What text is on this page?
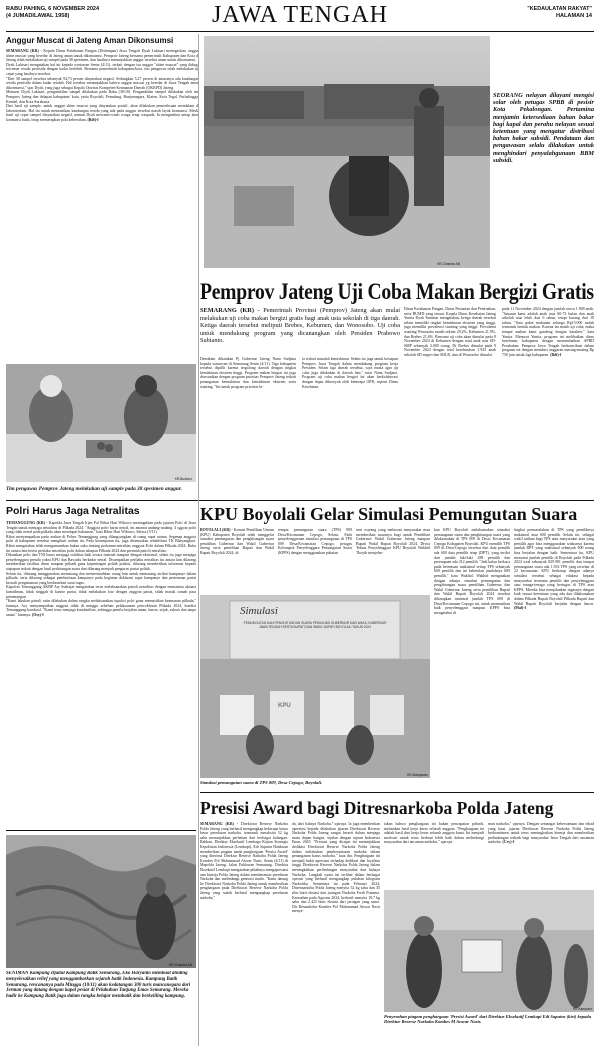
RABU PAHING, 6 NOVEMBER 2024
(4 JUMADILAWAL 1958)	JAWA TENGAH	"KEDAULATAN RAKYAT"
HALAMAN 14
Anggur Muscat di Jateng Aman Dikonsumsi

SEMARANG (KR) - Kepala Dinas Ketahanan Pangan (Dishanpan) Jawa Tengah Dyah Lukisari menegaskan, anggur shine muscat yang beredar di Jateng aman untuk dikonsumsi. Pemprov Jateng bersama pemerintah Kabupaten dan Kota di Jateng telah melakukan uji sampel pada 38 spesimen, dan hasilnya menunjukkan anggur tersebut aman untuk dikonsumsi.

Dyah Lukisari mengatakan hal ini kepada wartawan Senin (4/11), terkait dengan isu anggur "shine muscat" yang diduga tercemar residu pestisida dengan kadar berlebih. Bersama pemerintah kabupaten/kota, tim pengawas telah melakukan uji cepat yang hasilnya tersebut.

"Dari 38 sampel tersebut sebanyak 94,73 persen dinyatakan negatif. Sedangkan 5,27 persen di antaranya ada kandungan residu pestisida dalam kadar rendah. Hal tersebut menunjukkan bahwa anggur muscat yg beredar di Jawa Tengah aman dikonsumsi," ujar Dyah, yang juga sebagai Kepala Otoritas Kompeten Keamanan Daerah (OKKPD) Jateng.

Menurut Dyah Lukisari, pengambilan sampel dilakukan pada Rabu (30/10). Pengambilan sampel dilakukan oleh tim Pemprov Jateng dan delapan kabupaten/ kota, yaitu Boyolali, Pemalang, Banjarnegara, Klaten, Kota Tegal, Purbalingga, Kendal, dan Kota Surakarta.

Dari hasil uji sample, untuk anggur shine muscat yang dinyatakan positif, akan dilakukan pemeriksaan mendalam di laboratorium. Hal itu untuk memastikan kandungan residu yang ada pada anggur tersebut masih layak konsumsi. Meski hasil uji cepat sampel dinyatakan negatif, namun Dyah mewanti-wanti warga tetap waspada. Ia mengimbau setiap akan konsumsi buah, tetap memerapkan pola kebersihan. (Bdi)-f

KR-Chandra AN
SEORANG nelayan dilayani mengisi solar oleh petugas SPBB di pesisir Kota Pekalongan. Pertamina menjamin ketersediaan bahan bakar bagi kapal dan perahu nelayan sesuai ketentuan yang mengatur distribusi bahan bakar subsidi. Pendataan dan pengawasan selalu dilakukan untuk menghindari penyalahgunaan BBM subsidi.
Pemprov Jateng Uji Coba Makan Bergizi Gratis
SEMARANG (KR) - Pemerintah Provinsi (Pemprov) Jateng akan mulai melakukan uji coba makan bergizi gratis bagi anak usia sekolah di tiga daerah. Ketiga daerah tersebut meliputi Brebes, Kebumen, dan Wonosobo. Uji coba untuk mendukung program yang dicanangkan oleh Presiden Prabowo Subianto.
Demikian dikatakan Pj Gubernur Jateng Nana Sudjana kepada wartawan di Semarang Senin (4/11). Tiga kabupaten tersebut dipilih karena tergolong daerah dengan tingkat kemiskinan ekstrem tinggi. Program makan bergizi ini juga disesuaikan dengan program prioritas Pemprov Jateng terkait penanganan kemiskinan dan kemiskinan ekstrem serta stunting. "Ini untuk program prioritas ki-
ta terkait masalah kemiskinan. Selain itu juga untuk kesiapan Pemprov Jawa Tengah dalam mendukung program kerja Presiden. Selain tiga daerah tersebut, saya minta agar uji coba juga dilakukan di daerah lain," tutur Nana Sudjana. Program uji coba makan bergizi ini akan berkolaborasi dengan dapat dikeroyok oleh beberapa OPD, seperti Dinas Kesehatan,
Dinas Ketahanan Pangan, Dinas Pertanian dan Peternakan, serta BUMD yang sesuai. Kepala Dinas Kesehatan Jateng Yunita Dyah Suminar mengatakan, ketiga daerah tersebut selain memiliki tingkat kemiskinan ekstrem yang tinggi, juga memiliki prevalensi stunting yang tinggi. Prevalensi stunting Wonosobo masih sekitar 29,2%, Kebumen 21,9%, dan Brebes 21,6%. Rencana uji coba akan dimulai pada 8 November 2024 di Kebumen dengan total anak usia SD-SMP sebanyak 2.000 orang. Di Brebes dimulai pada 9 November 2024 dengan total keseluruhan 1.932 anak sekolah SD negeri dan SDLB, dan di Wonosobo dimulai
pada 11 November 2024 dengan jumlah siswa 1.908 anak. "Sasaran kami adalah anak usia 60-72 bulan dan anak sekolah usia lebih dari 6 tahun, tetapi kurang dari 18 tahun. "Satu paket makanan seharga Rp15.000 sudah termasuk bentuk makan. Karena ini masih uji coba, maka tempat makan kami gandeng dengan karakter," kata Yunita. Menurut Yunita, program ini melibatkan dinas kesehatan, kabupaten dengan memanfaatkan APBD Perubahan. Pemprov Jawa Tengah berkontribusi dalam program ini dengan memberi anggaran masing-masing Rp 750 juta untuk tiga kabupaten. (Bdi)-f
KR-Budiono
Tim pengawas Pemprov Jateng melakukan uji sample pada 38 spesimen anggur.
Polri Harus Jaga Netralitas

TEMANGGUNG (KR) - Kapolda Jawa Tengah Irjen Pol Ribut Hari Wibowo meningatkan pada jajaran Polri di Jawa Tengah untuk menjaga netralitas di Pilkada 2024. "Anggota polri harus netral, ini amanat undang-undang. 4 sggota polri yang tidak netral pada pilkada akan mendapat hukuman," kata Ribut Hari Wibowo, Selasa (5/11).

Ribut menyampaikan pada arahan di Polres Temanggung yang dilangsungkan di ruang rapat utama. Segenap anggota polri di kabupaten tersebut mengikuti arahan itu. Pada kesempatan itu, juga dirumuskan rehabilitasi TK Bhayangkari. Ribut mengatakan telah mengumumkan bukan saku tentang pedoman netralitas anggota Polri dalam Pilkada 2024. Buku itu antara lain berisi perilaku netralitas polri dalam tahapan Pilkada 2024 dan perintah patroli netralitas.

Dikatakan polri dan TNI harus menjaga soliditas baik secara internal maupun dengan eksternal, selain itu juga menjaga penyelenggara pemilu yakni KPU dan Bawaslu berkadar netral. Disampaikan perilaku netralitas itu antara lain dilarang memberikan fasilitas dinas maupun pribadi guna kepentingan politik praktis, dilarang memberikan informasi kepada siapapun terkait dengan hasil perhitungan suara dan dilarang menjadi pengurus partai politik.

Selain itu, dilarang menggunakan memasang dan memerintahkan orang lain untuk memasang atribut kampanye dalam pilkada, serta dilarang sebagai pemberitaan kampanye pada kegiatan deklarasi rapat kampanye dan pertemuan partai kecuali pengamanan yang berdasarkan surat tugas.

Kapolres Temanggung AKBP Ary Sudrajat mengatakan terus melaksanakan patroli netralitas dengan memantau aktuasi kamtibmas, tidak singgah di kantor partai, tidak melakukan foto dengan anggota partai, tidak masuk rumah para pemenangan.

"Kami lakukan patroli rutin dilakukan dalam rangka melaksanakan tupoksi polri guna memastikan keamanan pilkada," katanya. Ary menyampaikan anggota tidak di minggu sebelum pelaksanaan pencoblosan Pilkada 2024, kondisi Temanggung kondusif. "Kami terus menjaga kondusifitas, sehingga pemilu berjalan aman, lancar, sejuk, sukses dan tanpa aman," katanya. (Osy)-f

KPU Boyolali Gelar Simulasi Pemungutan Suara
BOYOLALI (KR) - Komisi Pemilihan Umum (KPU) Kabupaten Boyolali telah menggelar simulasi pemungutan dan penghitungan suara pemilihan Gubernur dan Wakil Gubernur Jateng serta pemilihan Bupati dan Wakil Bupati Boyolali 2024, di
tempat pemungutan suara (TPS) 009 Desa/Kecamatan Cepogo, Selasa. Pada penyelenggaraan simulasi pemungutan di TPS 009 Desa/Kecamatan Cepogo, petugas Kelompok Penyelenggara Pemungutan Suara (KPPS) dengan menggunakan pakaian
seni wayang yang melayani masyarakat mau memberikan suaranya bagi untuk Pemilihan Gubernur/ Wakil Gubernur Jateng maupun Bupati Wakil Bupati Boyolali 2024. Divisi Teknis Penyelenggara KPU Boyolali Wakhid Thoyib menjelas-
kan KPU Boyolali melaksanakan simulasi pemungutan suara dan penghitungan suara yang dilaksanakan di TPS 009 di Desa/ Kecamatan Cepogo Kabupaten Boyolali. KPU memilih TPS 009 di Desa/Cepogo tersebut dari data pemilih ada 600 data pemilih tetap (DPT), yang terdiri dari jumlah laki-laki 288 pemilih dan perempuan ada 312 pemilih. "Jadi kalau berkaca pada ketentuan maksimal setiap TPS sebanyak 600 pemilih dan ini kebetulan jumlahnya 600 pemilih," kata Wakhid. Wakhid mengatakan dengan adanya simulasi pemungutan dan penghitungan suara pemilihan Gubernur dan Wakil Gubernur Jateng serta pemilihan Bupati dan Wakil Bupati Boyolali 2024 tersebut diharapkan minimal jumlah TPS 009 di Desa/Kecamatan Cepogo ini, untuk memastikan baik penyelenggara maupun KPPS bisa mengetahui di
tingkat permasalahan di TPS yang pemilihnya maksimal atau 600 pemilih. Selain itu, sebagai wakil tatihan bagi TPS atau masyarakat atau yang pemilih agar bisa menggunakan waktunya karena jumlah DPT yang maksimal sebanyak 600 orang bisa berjalan dengan baik. Sementara itu, KPU mencatat jumlah pemilih di Boyolali pada Pilkada 2024 total sebanyak 829.981 pemilih dan tempat pemungutan suara ada 1.592 TPS yang tersebar di 22 kecamatan. KPU berharap dengan adanya simulasi tersebut sebagai edukasi kepada masyarakat terutama pemilih dan penyelenggara atau tenaga-tenaga yang bertugas di TPS atau KPPS. Mereka bisa menjalankan tugasnya dengan baik sesuai ketentuan yang ada dan dilaksanakan dalam Pilkada Bupati Boyolali Pilkada Bupati dan Wakil Bupati Boyolali berjalan dengan lancar. (Mal)-f
Simulasi
PEMUNGUTAN DAN PENGHITUNGAN SUARA PEMILIHAN GUBERNUR DAN WAKIL GUBERNUR JAWA TENGAH SERTA BUPATI DAN WAKIL BUPATI BOYOLALI TAHUN 2024
KPU
KR-Mahyawan
Simulasi pemungutan suara di TPS 009, Desa Cepogo, Boyolali.
Presisi Award bagi Ditresnarkoba Polda Jateng
SEMARANG (KR) - Direktorat Reserse Narkoba Polda Jateng yang berhasil mengungkap beberapa kasus besar peredaran narkoba, termasuk meraksita 52 kg sabu menunjukkan perhatian dari berbagai kalangan. Bahkan, Direktur Eksekutif Lembaga Kajian Strategis Kepolisian Indonesia (Lemkapi), Edi Saputra Hasibuan memberikan piagam tanda penghargaan 'Presisi Award' yang diterima Direktur Reserse Narkoba Polda Jateng Kombes Pol Muhammad Anwar Nasir, Senin (4/11) di Mapolda Jateng, Jalan Pahlawan Semarang. Direktur Eksekutif Lemkapi mengatakan pihaknya mengapresiasi atas kinerja Polda Jateng dalam memberantas peredaran Narkoba dan melindungi generasi muda. "Kami datang ke Direktorat Narkoba Polda Jateng untuk memberikan penghargaan pada Direktorat Reserse Narkoba Polda Jateng yang sudah berhasil mengungkap peredaran narkoba,"
da, dari bahaya Narkoba," ujarnya. Ia juga memberikan apresiasi kepada dilakukan jajaran Direktorat Reserse Narkoba Polda Jateng sangat berarti dalam menjaga masa depan bangsa, sejalan dengan tujuan Indonesia Emas 2045. "Prestasi yang dicapai ini menunjukkan dedikasi Direktorat Reserse Narkoba Polda Jateng dalam melakukan pemberantasan narkoba dalam penanganan kasus narkoba," kata dia. Penghargaan ini menjadi bukti apresiasi terhadap dedikasi dan loyalitas tinggi Direktorat Reserse Narkoba Polda Jateng dalam meningkatkan perlindungan masyarakat dari bahaya Narkoba. Langkah nyata ini terlihat dalam berbagai operasi yang berhasil mengungkap puluhan kilogram Narkotika. Sementara itu pada Februari 2024, Ditresnarkoba Polda Jateng menyita 52 kg sabu dan 35 ribu butir ekstasi dari jaringan Narkoba Fredi Pratama. Kemudian pada Agustus 2024, berhasil menyita 18,7 kg sabu dan 2.425 butir ekstasi dari jaringan yang sama. Dir Resnarkoba Kombes Pol Muhammad Anwar Nasir menya-
takan bahwa penghargaan ini bukan pencapaian pribadi, melainkan hasil kerja keras seluruh anggota. "Penghargaan ini adalah hasil dari kerja keras seluruh anggota kami. Ini menjadi motivasi untuk terus berbuat lebih baik dalam melindungi masyarakat dari ancaman narkoba," ujarnya.
man narkoba," ujarnya. Dengan semangat kebersamaan dan tekad yang kuat, jajaran Direktorat Reserse Narkoba Polda Jateng berkomitmen untuk terus meningkatkan kinerja dan memberikan perlindungan terbaik bagi masyarakat Jawa Tengah dari ancaman narkoba. (Cry)-f
KR-Kamyono
Penyerahan piagam penghargaan 'Presisi Award' dari Direktur Eksekutif Lemkapi Edi Saputra (kiri) kepada Direktur Reserse Narkoba Kombes M Anwar Nasir.
KR-Chandra AN
SENIMAN Kampung Djadul Kampung Batik Semarang, Eko Haryanto membuat dinding menyelesaikan relief yang menggambarkan sejarah batik Indonesia. Kampung Batik Semarang, rencananya pada Minggu (10/11) akan kedatangan 300 turis mancanegara dari Jerman yang datang dengan kapal pesiar di Pelabuhan Tanjung Emas Semarang. Mereka hadir ke Kampung Batik juga dalam rangka belajar membatik dan berkeliling kampung.
